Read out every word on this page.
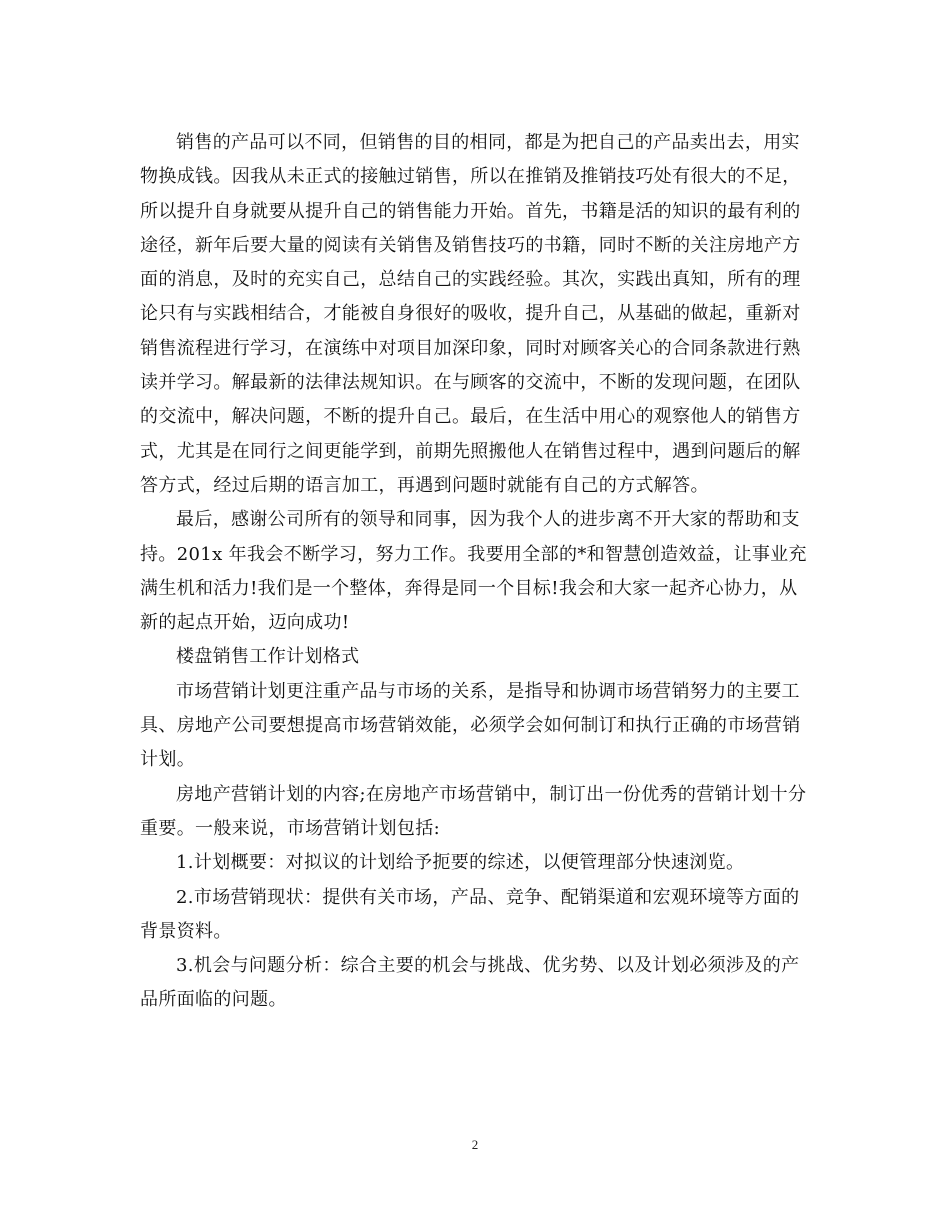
销售的产品可以不同，但销售的目的相同，都是为把自己的产品卖出去，用实物换成钱。因我从未正式的接触过销售，所以在推销及推销技巧处有很大的不足，所以提升自身就要从提升自己的销售能力开始。首先，书籍是活的知识的最有利的途径，新年后要大量的阅读有关销售及销售技巧的书籍，同时不断的关注房地产方面的消息，及时的充实自己，总结自己的实践经验。其次，实践出真知，所有的理论只有与实践相结合，才能被自身很好的吸收，提升自己，从基础的做起，重新对销售流程进行学习，在演练中对项目加深印象，同时对顾客关心的合同条款进行熟读并学习。解最新的法律法规知识。在与顾客的交流中，不断的发现问题，在团队的交流中，解决问题，不断的提升自己。最后，在生活中用心的观察他人的销售方式，尤其是在同行之间更能学到，前期先照搬他人在销售过程中，遇到问题后的解答方式，经过后期的语言加工，再遇到问题时就能有自己的方式解答。

最后，感谢公司所有的领导和同事，因为我个人的进步离不开大家的帮助和支持。201x 年我会不断学习，努力工作。我要用全部的*和智慧创造效益，让事业充满生机和活力!我们是一个整体，奔得是同一个目标!我会和大家一起齐心协力，从新的起点开始，迈向成功!

楼盘销售工作计划格式

市场营销计划更注重产品与市场的关系，是指导和协调市场营销努力的主要工具、房地产公司要想提高市场营销效能，必须学会如何制订和执行正确的市场营销计划。

房地产营销计划的内容;在房地产市场营销中，制订出一份优秀的营销计划十分重要。一般来说，市场营销计划包括:

1.计划概要：对拟议的计划给予扼要的综述，以便管理部分快速浏览。

2.市场营销现状：提供有关市场，产品、竞争、配销渠道和宏观环境等方面的背景资料。

3.机会与问题分析：综合主要的机会与挑战、优劣势、以及计划必须涉及的产品所面临的问题。

2
